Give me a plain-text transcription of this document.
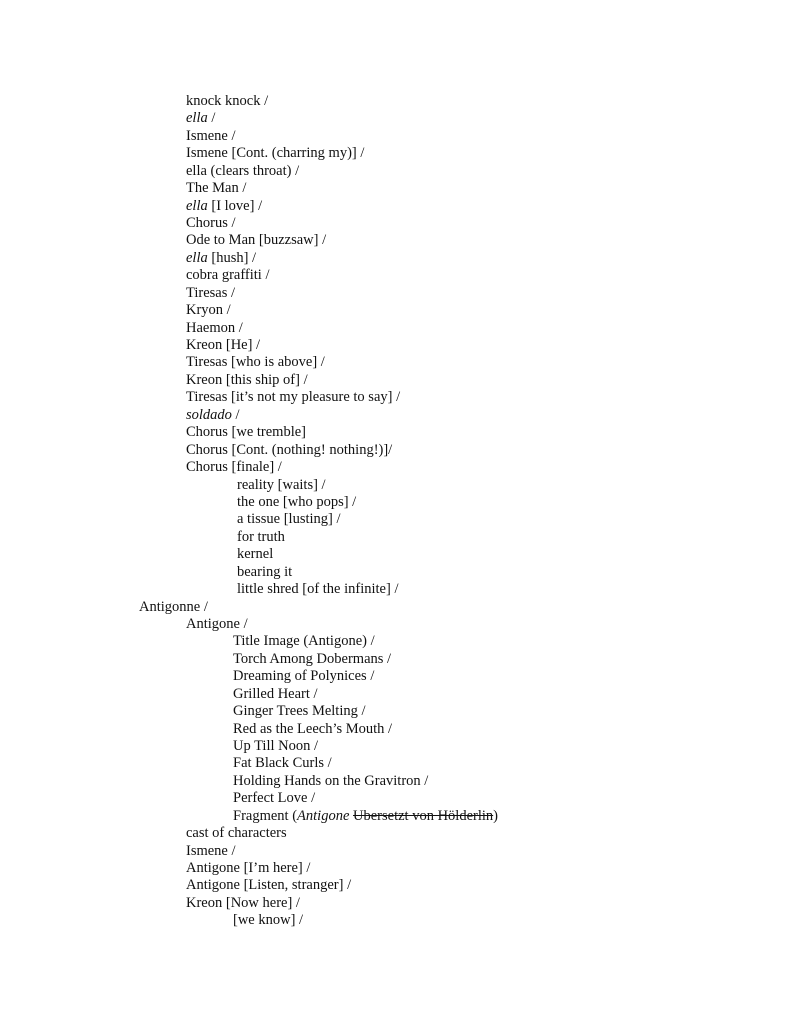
knock knock /
ella /
Ismene /
Ismene [Cont. (charring my)] /
ella (clears throat) /
The Man /
ella [I love] /
Chorus /
Ode to Man [buzzsaw] /
ella [hush] /
cobra graffiti /
Tiresas /
Kryon /
Haemon /
Kreon [He] /
Tiresas [who is above] /
Kreon [this ship of] /
Tiresas [it’s not my pleasure to say] /
soldado /
Chorus [we tremble]
Chorus [Cont. (nothing! nothing!)]/
Chorus [finale] /
reality [waits] /
the one [who pops] /
a tissue [lusting] /
for truth
kernel
bearing it
little shred [of the infinite] /
Antigonne /
Antigone /
Title Image (Antigone) /
Torch Among Dobermans /
Dreaming of Polynices /
Grilled Heart /
Ginger Trees Melting /
Red as the Leech’s Mouth /
Up Till Noon /
Fat Black Curls /
Holding Hands on the Gravitron /
Perfect Love /
Fragment (Antigone Ubersetzt von Hölderlin)
cast of characters
Ismene /
Antigone [I’m here] /
Antigone [Listen, stranger] /
Kreon [Now here] /
[we know] /
